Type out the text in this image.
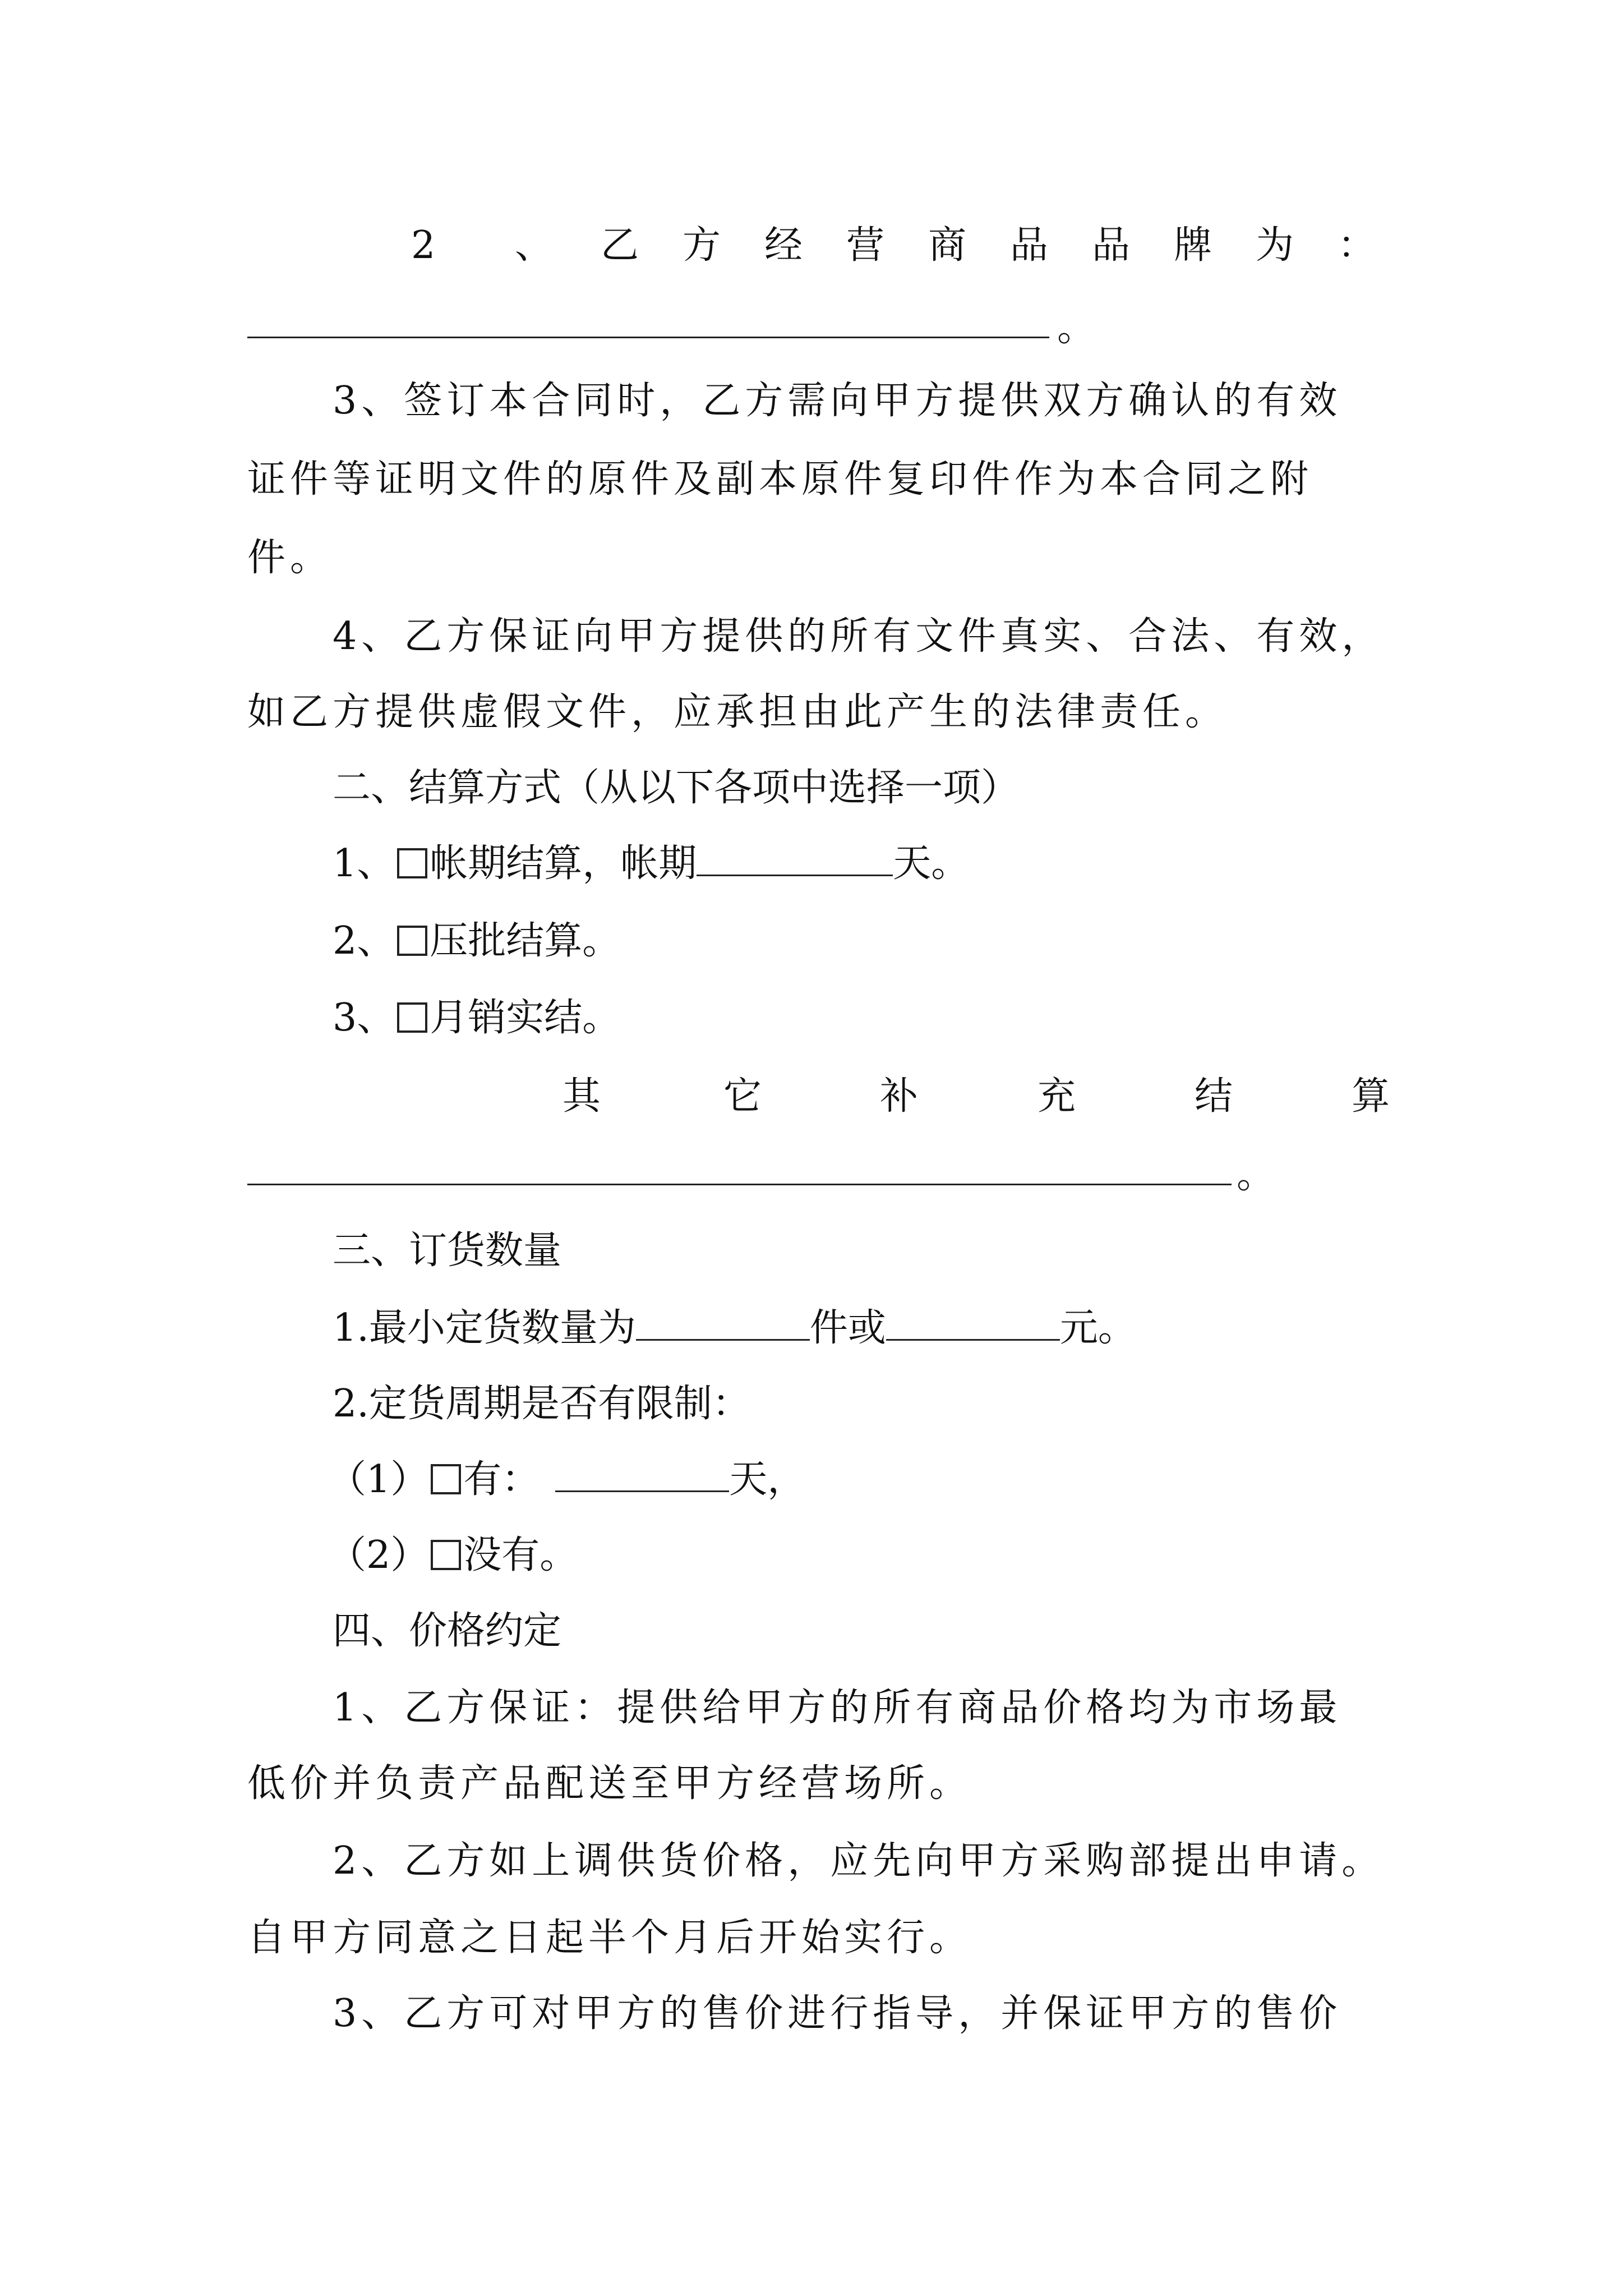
2 、 乙 方 经 营 商 品 品 牌 为 ：
。
3、签订本合同时，乙方需向甲方提供双方确认的有效
证件等证明文件的原件及副本原件复印件作为本合同之附
件。
4、乙方保证向甲方提供的所有文件真实、合法、有效，
如乙方提供虚假文件，应承担由此产生的法律责任。
二、结算方式（从以下各项中选择一项）
1、 帐期结算，帐期	天。
2、 压批结算。
3、 月销实结。
其	它	补	充	结	算
。
三、订货数量
1.最小定货数量为	件或	元。
2.定货周期是否有限制：
（1） 有：	天，
（2） 没有。
四、价格约定
1、乙方保证：提供给甲方的所有商品价格均为市场最
低价并负责产品配送至甲方经营场所。
2、乙方如上调供货价格，应先向甲方采购部提出申请。
自甲方同意之日起半个月后开始实行。
3、乙方可对甲方的售价进行指导，并保证甲方的售价
